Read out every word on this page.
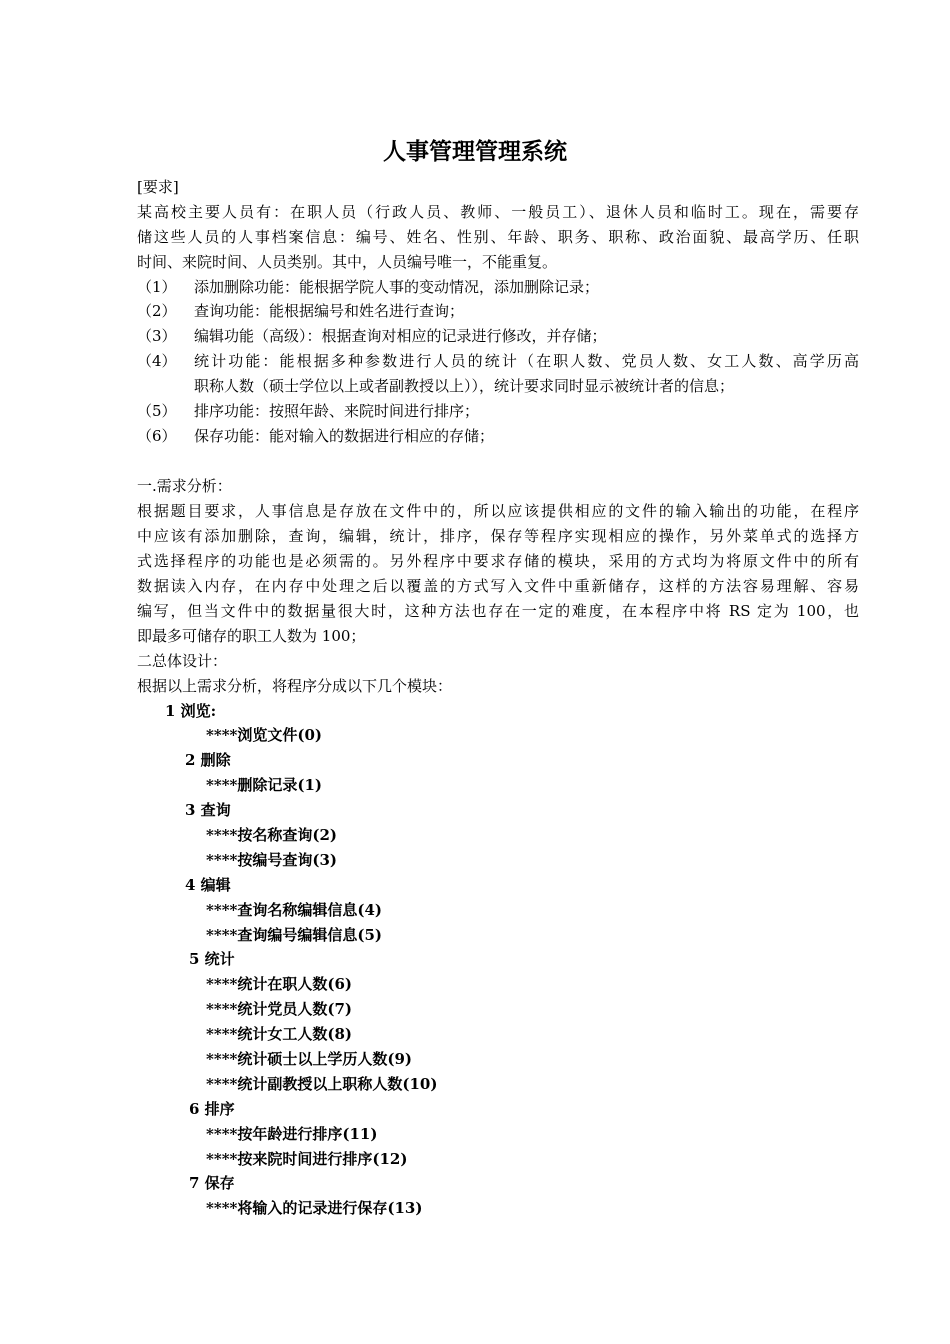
人事管理管理系统
[要求]
某高校主要人员有：在职人员（行政人员、教师、一般员工）、退休人员和临时工。现在，需要存
储这些人员的人事档案信息：编号、姓名、性别、年龄、职务、职称、政治面貌、最高学历、任职
时间、来院时间、人员类别。其中，人员编号唯一，不能重复。
（1） 添加删除功能：能根据学院人事的变动情况，添加删除记录；
（2） 查询功能：能根据编号和姓名进行查询；
（3） 编辑功能（高级）：根据查询对相应的记录进行修改，并存储；
（4） 统计功能：能根据多种参数进行人员的统计（在职人数、党员人数、女工人数、高学历高
职称人数（硕士学位以上或者副教授以上）），统计要求同时显示被统计者的信息；
（5） 排序功能：按照年龄、来院时间进行排序；
（6） 保存功能：能对输入的数据进行相应的存储；
一.需求分析：
根据题目要求，人事信息是存放在文件中的，所以应该提供相应的文件的输入输出的功能，在程序
中应该有添加删除，查询，编辑，统计，排序，保存等程序实现相应的操作，另外菜单式的选择方
式选择程序的功能也是必须需的。另外程序中要求存储的模块，采用的方式均为将原文件中的所有
数据读入内存，在内存中处理之后以覆盖的方式写入文件中重新储存，这样的方法容易理解、容易
编写，但当文件中的数据量很大时，这种方法也存在一定的难度，在本程序中将 RS 定为 100，也
即最多可储存的职工人数为 100；
二总体设计：
根据以上需求分析，将程序分成以下几个模块：
1 浏览:
****浏览文件(0)
2 删除
****删除记录(1)
3 查询
****按名称查询(2)
****按编号查询(3)
4 编辑
****查询名称编辑信息(4)
****查询编号编辑信息(5)
5 统计
****统计在职人数(6)
****统计党员人数(7)
****统计女工人数(8)
****统计硕士以上学历人数(9)
****统计副教授以上职称人数(10)
6 排序
****按年龄进行排序(11)
****按来院时间进行排序(12)
7 保存
****将输入的记录进行保存(13)
